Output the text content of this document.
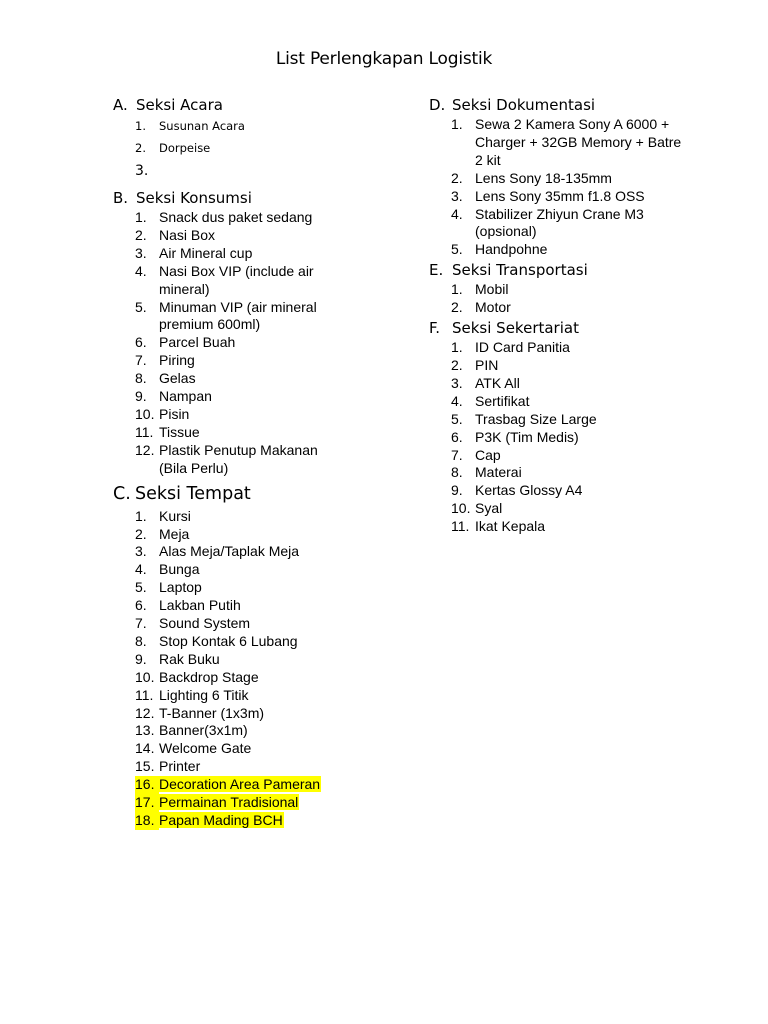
List Perlengkapan Logistik
A. Seksi Acara
1.	Susunan Acara
2.	Dorpeise
3.
B. Seksi Konsumsi
1. Snack dus paket sedang
2. Nasi Box
3. Air Mineral cup
4. Nasi Box VIP (include air mineral)
5. Minuman VIP (air mineral premium 600ml)
6. Parcel Buah
7. Piring
8. Gelas
9. Nampan
10. Pisin
11. Tissue
12. Plastik Penutup Makanan (Bila Perlu)
C. Seksi Tempat
1. Kursi
2. Meja
3. Alas Meja/Taplak Meja
4. Bunga
5. Laptop
6. Lakban Putih
7. Sound System
8. Stop Kontak 6 Lubang
9. Rak Buku
10. Backdrop Stage
11. Lighting 6 Titik
12. T-Banner (1x3m)
13. Banner(3x1m)
14. Welcome Gate
15. Printer
16. Decoration Area Pameran
17. Permainan Tradisional
18. Papan Mading BCH
D. Seksi Dokumentasi
1. Sewa 2 Kamera Sony A 6000 + Charger + 32GB Memory + Batre 2 kit
2. Lens Sony 18-135mm
3. Lens Sony 35mm f1.8 OSS
4. Stabilizer Zhiyun Crane M3 (opsional)
5. Handpohne
E. Seksi Transportasi
1. Mobil
2. Motor
F. Seksi Sekertariat
1. ID Card Panitia
2. PIN
3. ATK All
4. Sertifikat
5. Trasbag Size Large
6. P3K (Tim Medis)
7. Cap
8. Materai
9. Kertas Glossy A4
10. Syal
11. Ikat Kepala
